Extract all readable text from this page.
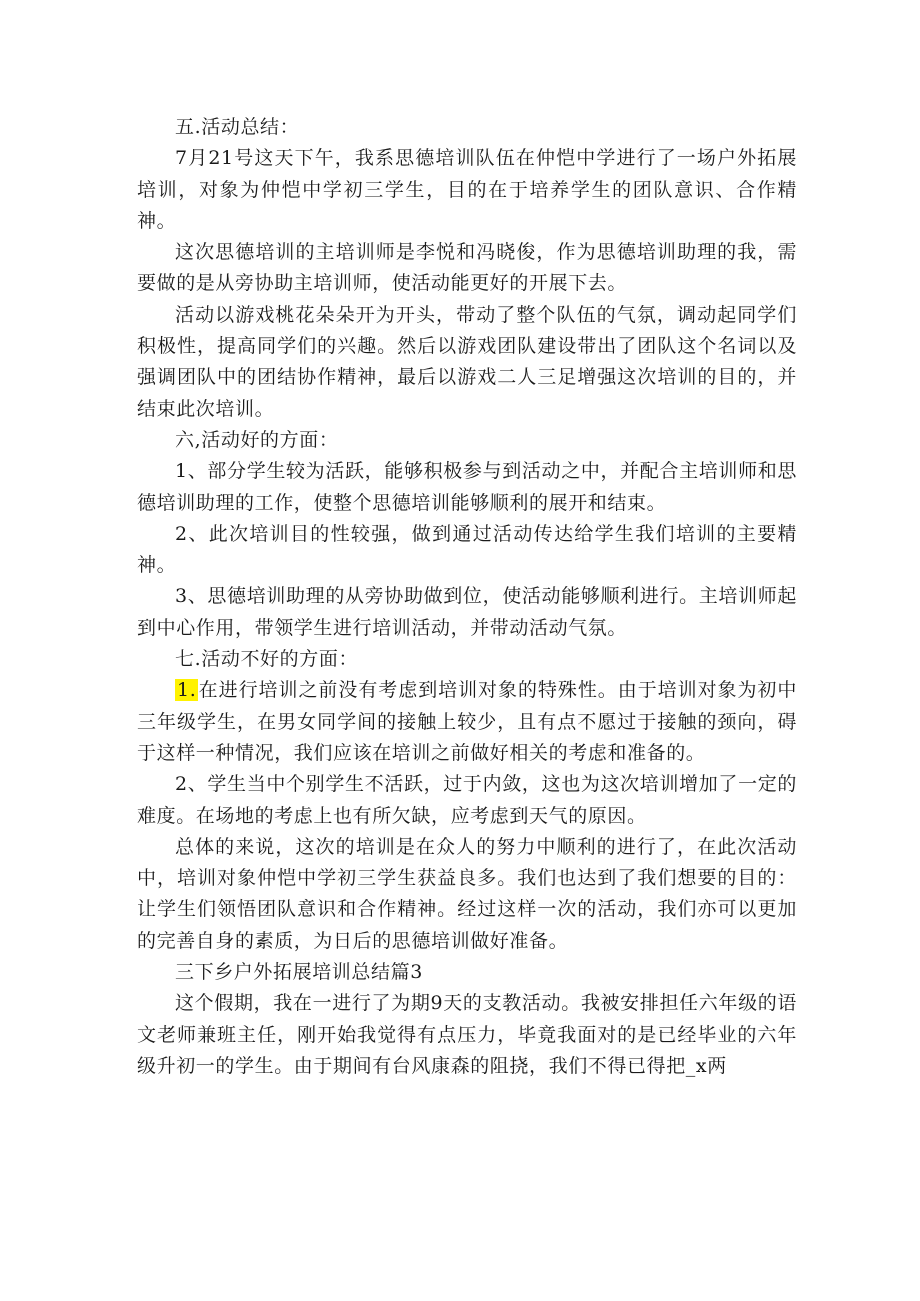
五.活动总结：

7月21号这天下午，我系思德培训队伍在仲恺中学进行了一场户外拓展培训，对象为仲恺中学初三学生，目的在于培养学生的团队意识、合作精神。

这次思德培训的主培训师是李悦和冯晓俊，作为思德培训助理的我，需要做的是从旁协助主培训师，使活动能更好的开展下去。

活动以游戏桃花朵朵开为开头，带动了整个队伍的气氛，调动起同学们积极性，提高同学们的兴趣。然后以游戏团队建设带出了团队这个名词以及强调团队中的团结协作精神，最后以游戏二人三足增强这次培训的目的，并结束此次培训。

六,活动好的方面：

1、部分学生较为活跃，能够积极参与到活动之中，并配合主培训师和思德培训助理的工作，使整个思德培训能够顺利的展开和结束。

2、此次培训目的性较强，做到通过活动传达给学生我们培训的主要精神。

3、思德培训助理的从旁协助做到位，使活动能够顺利进行。主培训师起到中心作用，带领学生进行培训活动，并带动活动气氛。

七.活动不好的方面：

1. 在进行培训之前没有考虑到培训对象的特殊性。由于培训对象为初中三年级学生，在男女同学间的接触上较少，且有点不愿过于接触的颈向，碍于这样一种情况，我们应该在培训之前做好相关的考虑和准备的。

2、学生当中个别学生不活跃，过于内敛，这也为这次培训增加了一定的难度。在场地的考虑上也有所欠缺，应考虑到天气的原因。

总体的来说，这次的培训是在众人的努力中顺利的进行了，在此次活动中，培训对象仲恺中学初三学生获益良多。我们也达到了我们想要的目的：让学生们领悟团队意识和合作精神。经过这样一次的活动，我们亦可以更加的完善自身的素质，为日后的思德培训做好准备。

三下乡户外拓展培训总结篇3

这个假期，我在一进行了为期9天的支教活动。我被安排担任六年级的语文老师兼班主任，刚开始我觉得有点压力，毕竟我面对的是已经毕业的六年级升初一的学生。由于期间有台风康森的阻挠，我们不得已得把_x两
